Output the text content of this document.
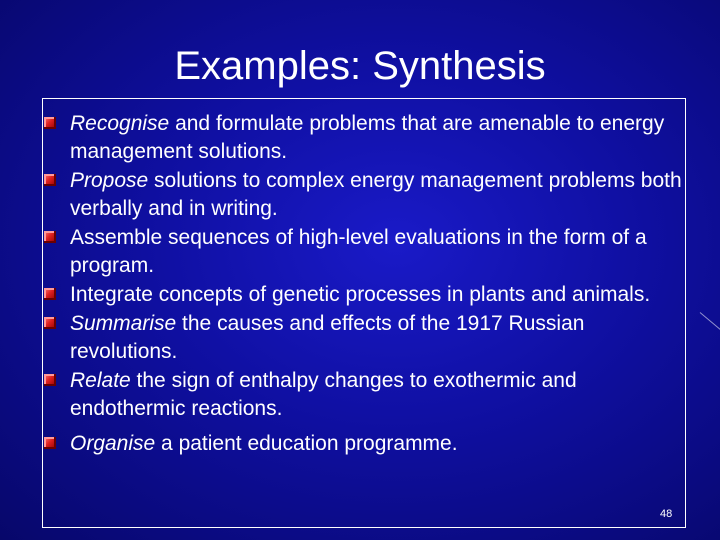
Examples: Synthesis
Recognise and formulate problems that are amenable to energy management solutions.
Propose solutions to complex energy management problems both verbally and in writing.
Assemble sequences of high-level evaluations in the form of a program.
Integrate concepts of genetic processes in plants and animals.
Summarise the causes and effects of the 1917 Russian revolutions.
Relate the sign of enthalpy changes to exothermic and endothermic reactions.
Organise a patient education programme.
48
